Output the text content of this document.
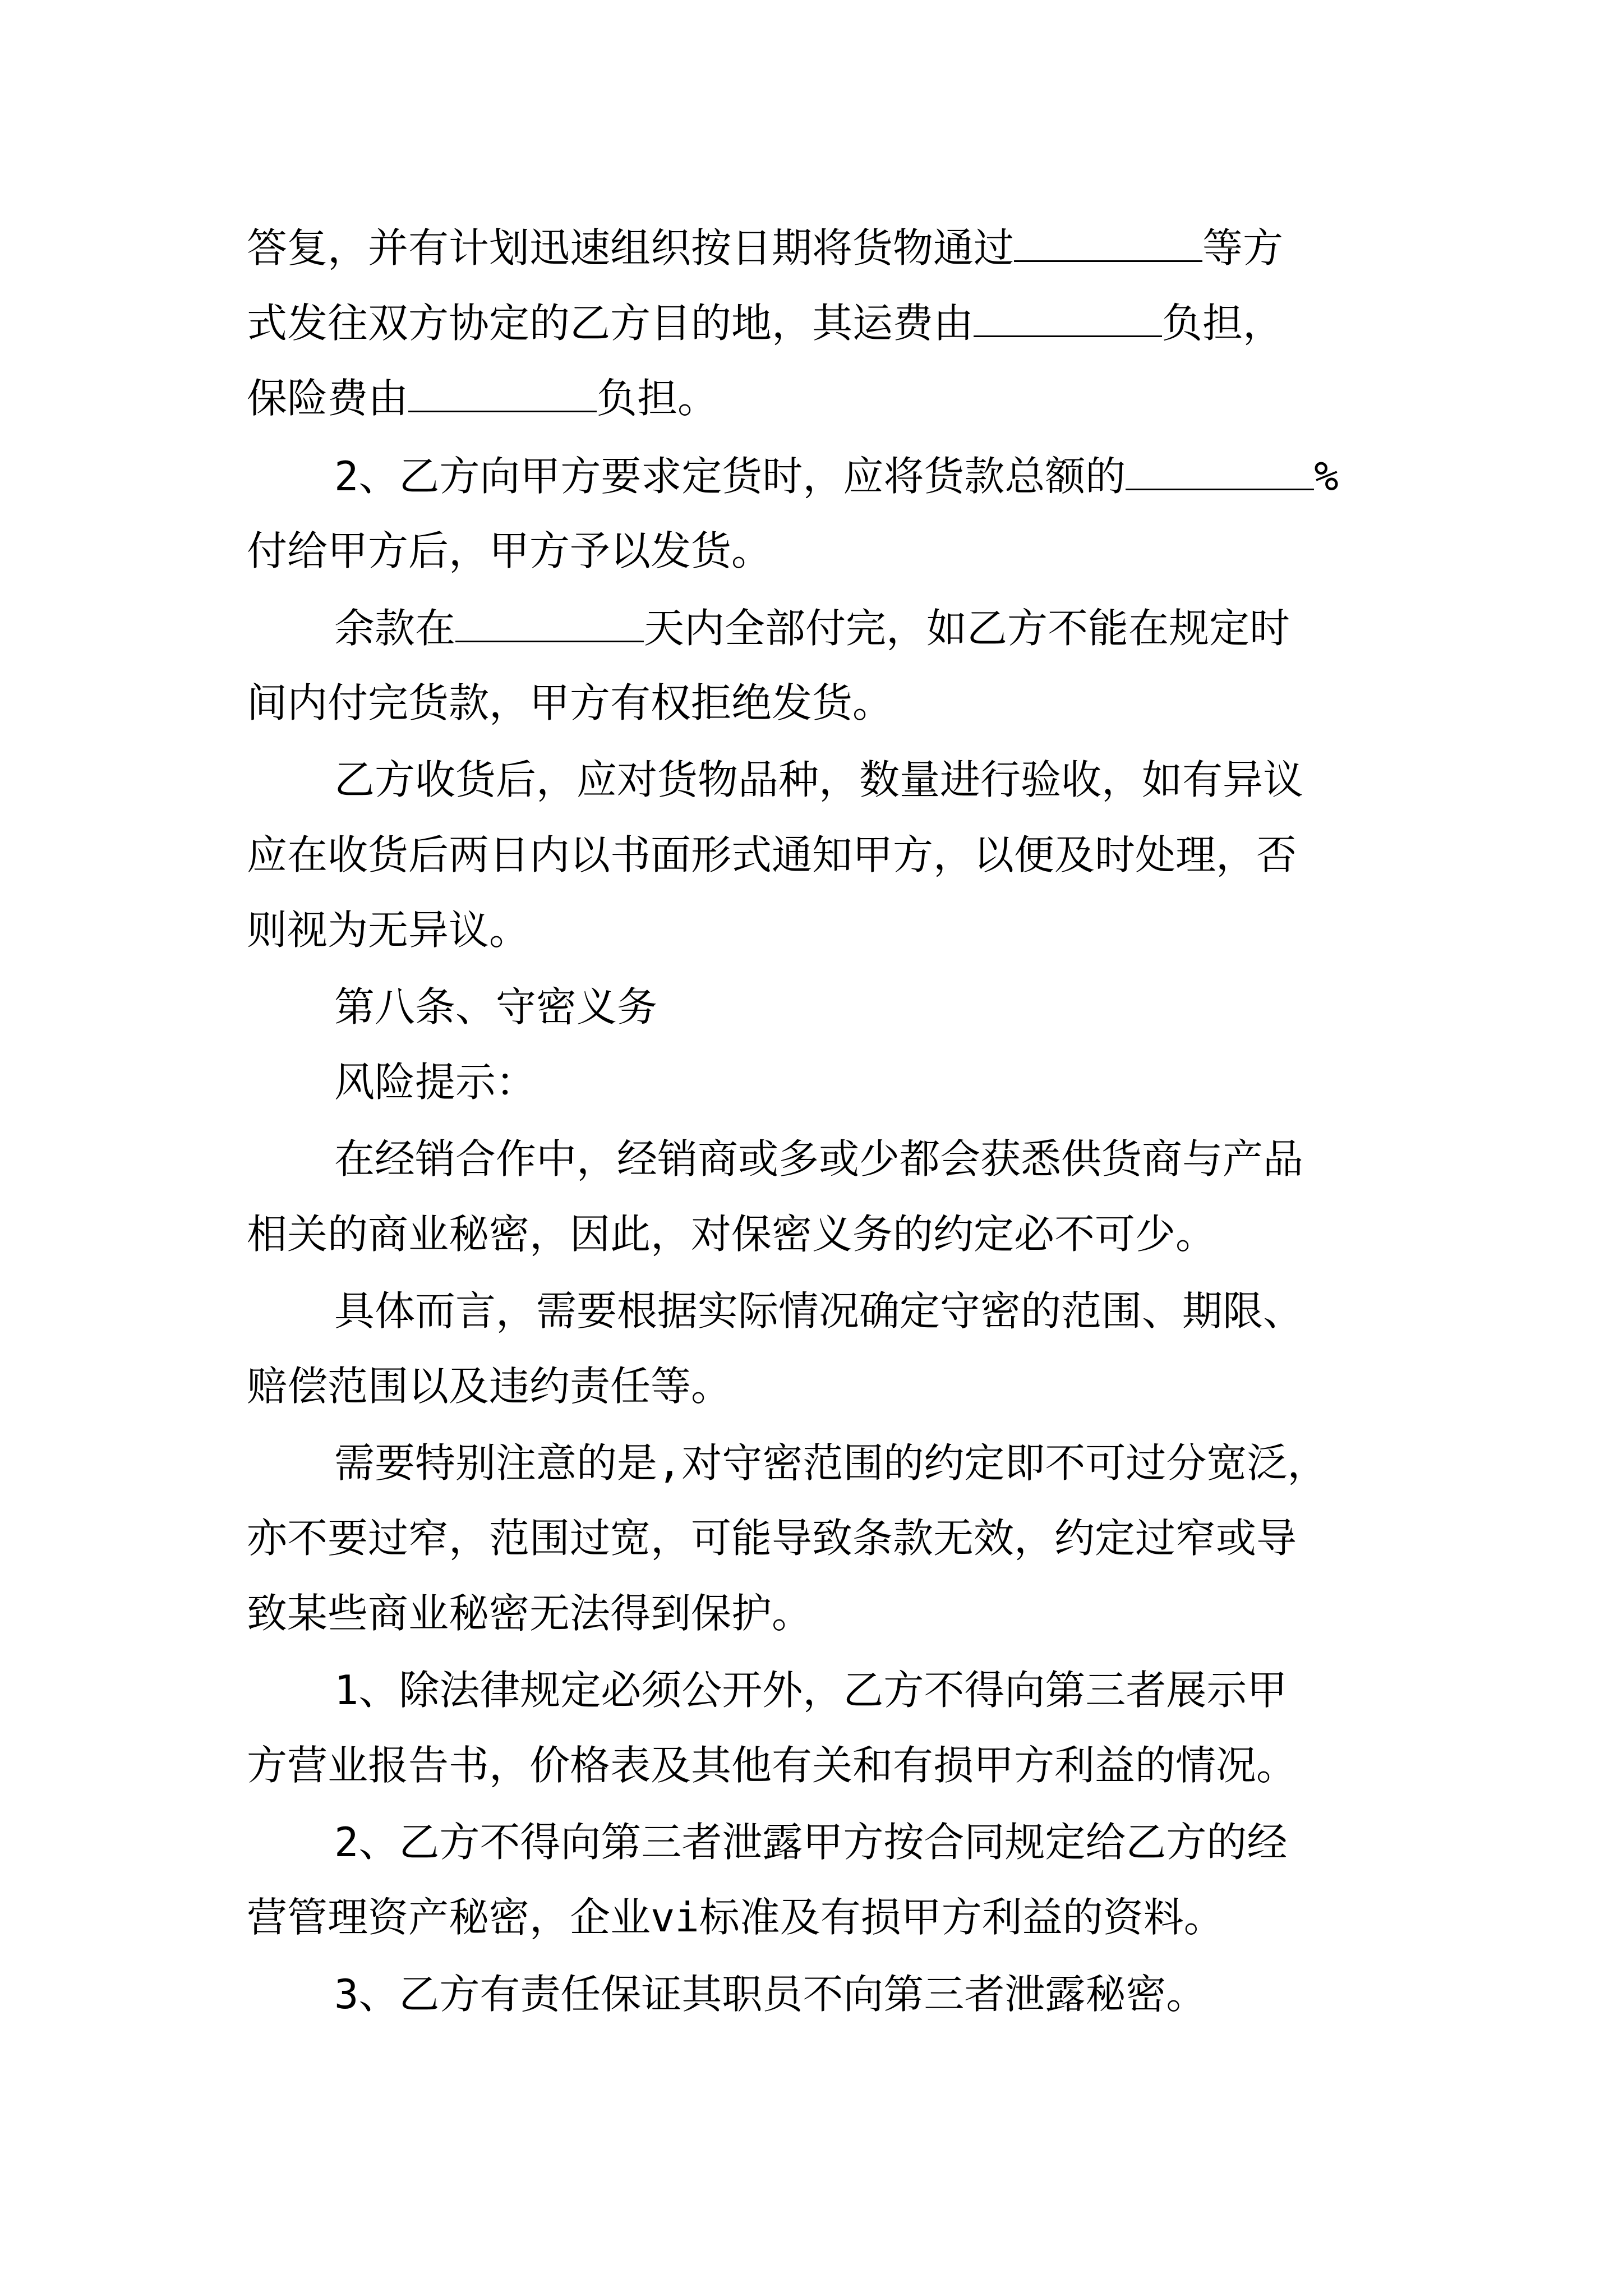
答复，并有计划迅速组织按日期将货物通过	等方
式发往双方协定的乙方目的地，其运费由	负担，
保险费由	负担。
2、乙方向甲方要求定货时，应将货款总额的	%
付给甲方后，甲方予以发货。
余款在	天内全部付完，如乙方不能在规定时
间内付完货款，甲方有权拒绝发货。
乙方收货后，应对货物品种，数量进行验收，如有异议
应在收货后两日内以书面形式通知甲方，以便及时处理，否
则视为无异议。
第八条、守密义务
风险提示：
在经销合作中，经销商或多或少都会获悉供货商与产品
相关的商业秘密，因此，对保密义务的约定必不可少。
具体而言，需要根据实际情况确定守密的范围、期限、
赔偿范围以及违约责任等。
需要特别注意的是,对守密范围的约定即不可过分宽泛，
亦不要过窄，范围过宽，可能导致条款无效，约定过窄或导
致某些商业秘密无法得到保护。
1、除法律规定必须公开外，乙方不得向第三者展示甲
方营业报告书，价格表及其他有关和有损甲方利益的情况。
2、乙方不得向第三者泄露甲方按合同规定给乙方的经
营管理资产秘密，企业vi标准及有损甲方利益的资料。
3、乙方有责任保证其职员不向第三者泄露秘密。
